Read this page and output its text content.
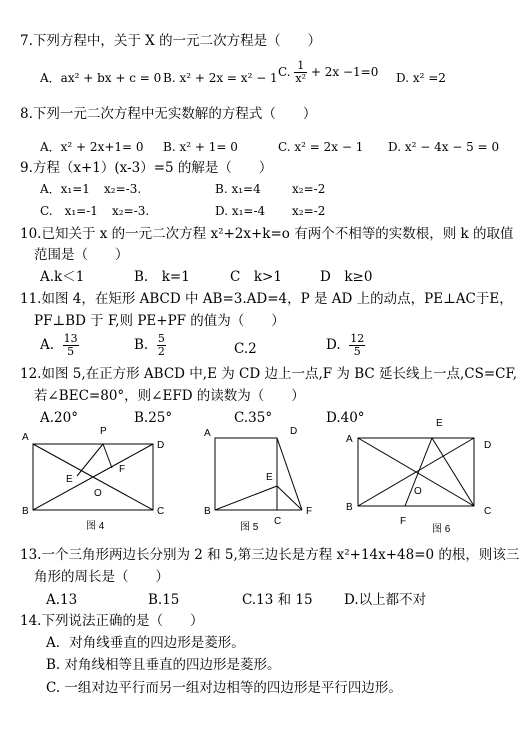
7.下列方程中，关于 X 的一元二次方程是（　　）
A．ax² + bx + c = 0 B. x² + 2x = x² − 1 C. $\frac{1}{\text{x²}} + 2x -1=0$ D. x² =2
8.下列一元二次方程中无实数解的方程式（　　）
A．x² + 2x+1= 0 B. x² + 1= 0	C. x² = 2x − 1 D. x² − 4x − 5 = 0
9.方程（x+1）(x-3）=5 的解是（　　）
A．x₁=1 x₂=-3.	B. x₁=4	x₂=-2
C.　x₁=-1 x₂=-3.	D. x₁=-4 x₂=-2
10.已知关于 x 的一元二次方程 x²+2x+k=o 有两个不相等的实数根，则 k 的取值
范围是（　　）
A.k＜1	B.　k=1	C　k>1	D　k≥0
11.如图 4，在矩形 ABCD 中 AB=3.AD=4，P 是 AD 上的动点，PE⊥AC于E，
PF⊥BD 于 F,则 PE+PF 的值为（　　）
A. $\frac{13}{5}$	B. $\frac{5}{2}$	C.2	D. $\frac{12}{5}$
12.如图 5,在正方形 ABCD 中,E 为 CD 边上一点,F 为 BC 延长线上一点,CS=CF,
若∠BEC=80°，则∠EFD 的读数为（　　）
A.20°	B.25°	C.35°	D.40°
A
P
D
E
F
O
B	C
图 4
A	D
E
B
C
F
图 5
A
E
D
B
O
F
C
图 6
13.一个三角形两边长分别为 2 和 5,第三边长是方程 x²+14x+48=0 的根，则该三
角形的周长是（　　）
A.13	B.15	C.13 和 15 D.以上都不对
14.下列说法正确的是（　　）
A．对角线垂直的四边形是菱形。
B. 对角线相等且垂直的四边形是菱形。
C. 一组对边平行而另一组对边相等的四边形是平行四边形。
